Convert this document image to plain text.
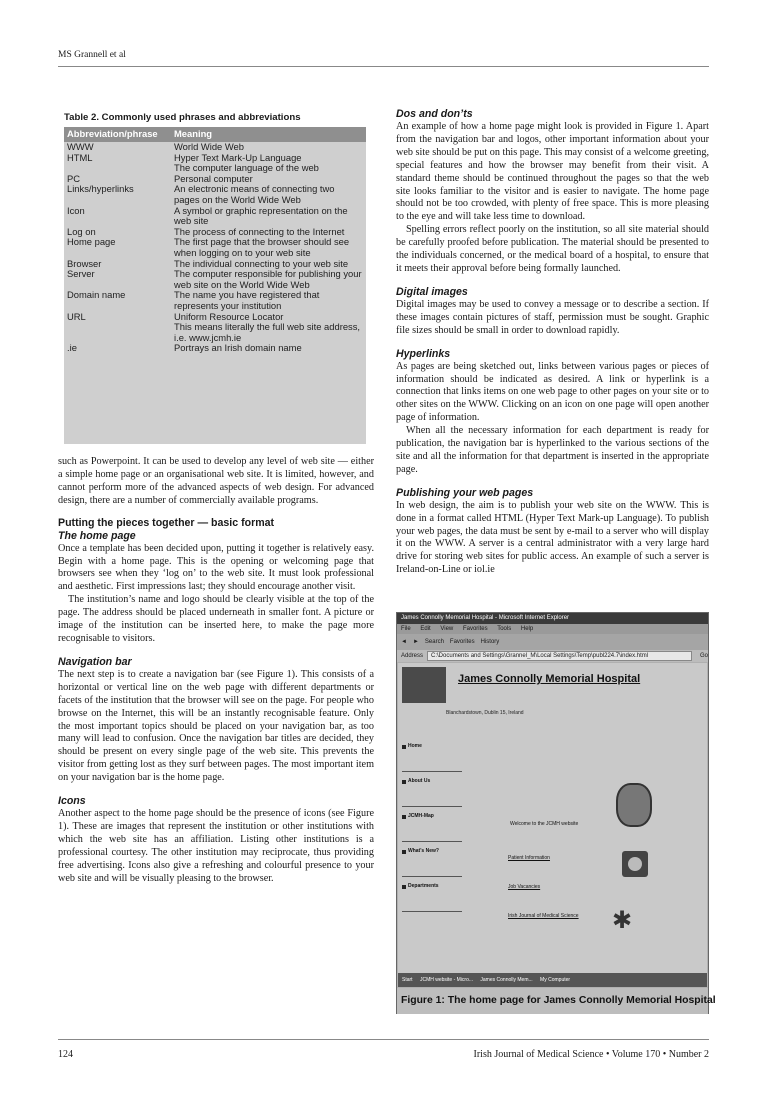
MS Grannell et al
Table 2. Commonly used phrases and abbreviations
Abbreviation/phrase	Meaning
WWW	World Wide Web
HTML	Hyper Text Mark-Up Language
The computer language of the web
PC	Personal computer
Links/hyperlinks	An electronic means of connecting two pages on the World Wide Web
Icon	A symbol or graphic representation on the web site
Log on	The process of connecting to the Internet
Home page	The first page that the browser should see when logging on to your web site
Browser	The individual connecting to your web site
Server	The computer responsible for publishing your web site on the World Wide Web
Domain name	The name you have registered that represents your institution
URL	Uniform Resource Locator
This means literally the full web site address, i.e. www.jcmh.ie
.ie	Portrays an Irish domain name

such as Powerpoint. It can be used to develop any level of web site — either a simple home page or an organisational web site. It is limited, however, and cannot perform more of the advanced aspects of web design. For advanced design, there are a number of commercially available programs.

Putting the pieces together — basic format
The home page

Once a template has been decided upon, putting it together is relatively easy. Begin with a home page. This is the opening or welcoming page that browsers see when they ‘log on’ to the web site. It must look professional and aesthetic. First impressions last; they should encourage another visit.

The institution’s name and logo should be clearly visible at the top of the page. The address should be placed underneath in smaller font. A picture or image of the institution can be inserted here, to make the page more recognisable to visitors.

Navigation bar

The next step is to create a navigation bar (see Figure 1). This consists of a horizontal or vertical line on the web page with different departments or facets of the institution that the browser will see on the page. For people who browse on the Internet, this will be an instantly recognisable feature. Only the most important topics should be placed on your navigation bar, as too many will lead to confusion. Once the navigation bar titles are decided, they should be present on every single page of the web site. This prevents the visitor from getting lost as they surf between pages. The most important item on your navigation bar is the home page.

Icons

Another aspect to the home page should be the presence of icons (see Figure 1). These are images that represent the institution or other institutions with which the web site has an affiliation. Listing other institutions is a professional courtesy. The other institution may reciprocate, thus providing free advertising. Icons also give a refreshing and colourful presence to your web site and will be visually pleasing to the browser.

Dos and don’ts

An example of how a home page might look is provided in Figure 1. Apart from the navigation bar and logos, other important information about your web site should be put on this page. This may consist of a welcome greeting, special features and how the browser may benefit from their visit. A standard theme should be continued throughout the pages so that the web site looks familiar to the visitor and is easier to navigate. The home page should not be too crowded, with plenty of free space. This is more pleasing to the eye and will take less time to download.

Spelling errors reflect poorly on the institution, so all site material should be carefully proofed before publication. The material should be presented to the individuals concerned, or the medical board of a hospital, to ensure that it meets their approval before being formally launched.

Digital images

Digital images may be used to convey a message or to describe a section. If these images contain pictures of staff, permission must be sought. Graphic file sizes should be small in order to download rapidly.

Hyperlinks

As pages are being sketched out, links between various pages or pieces of information should be indicated as desired. A link or hyperlink is a connection that links items on one web page to other pages on your site or to other sites on the WWW. Clicking on an icon on one page will open another page of information.

When all the necessary information for each department is ready for publication, the navigation bar is hyperlinked to the various sections of the site and all the information for that department is inserted in the appropriate page.

Publishing your web pages

In web design, the aim is to publish your web site on the WWW. This is done in a format called HTML (Hyper Text Mark-up Language). To publish your web pages, the data must be sent by e-mail to a server who will display it on the WWW. A server is a central administrator with a very large hard drive for storing web sites for public access. An example of such a server is Ireland-on-Line or iol.ie

James Connolly Memorial Hospital - Microsoft Internet Explorer
File Edit View Favorites Tools Help
◄ ► Search Favorites History
Address	C:\Documents and Settings\Grannel_M\Local Settings\Temp\publ224.7\index.html	Go
James Connolly Memorial Hospital
Blanchardstown, Dublin 15, Ireland
Home
About Us
JCMH-Map
What's New?
Departments
Welcome to the JCMH website
Patient Information
Job Vacancies
Irish Journal of Medical Science ✱
Start JCMH website - Micro... James Connolly Mem... My Computer
Figure 1: The home page for James Connolly Memorial Hospital
124	Irish Journal of Medical Science • Volume 170 • Number 2
